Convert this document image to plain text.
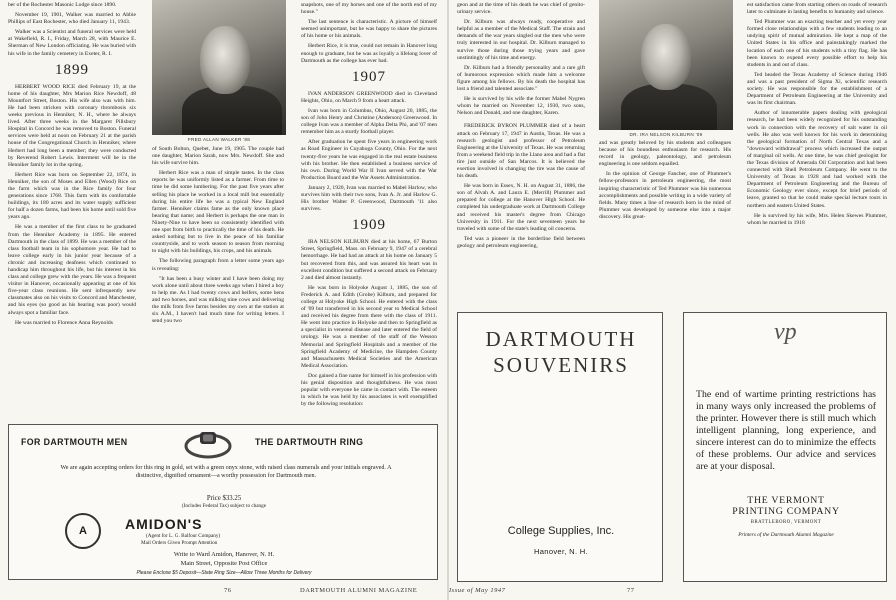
ber of the Rochester Masonic Lodge since 1890.

November 19, 1901, Walker was married to Abbie Phillips of East Rochester, who died January 11, 1943.

Walker was a Scientist and funeral services were held at Wakefield, R. I., Friday, March 28, with Maurice E. Sherman of New London officiating. He was buried with his wife in the family cemetery in Exeter, R. I.

1899

HERBERT WOOD RICE died February 19, at the home of his daughter, Mrs Marion Rice Newdoff, 48 Mountfort Street, Boston. His wife also was with him. He had been stricken with coronary thrombosis six weeks previous in Henniker, N. H., where he always lived. After three weeks in the Margaret Pillsbury Hospital in Concord he was removed to Boston. Funeral services were held at noon on February 21 at the parish house of the Congregational Church in Henniker, where Herbert had long been a member; they were conducted by Reverend Robert Lewis. Interment will be in the Henniker family lot in the spring.

Herbert Rice was born on September 22, 1874, in Henniker, the son of Moses and Ellen (Wood) Rice on the farm which was in the Rice family for four generations since 1768. This farm with its comfortable buildings, its 180 acres and its water supply sufficient for half a dozen farms, had been his home until sold five years ago.

He was a member of the first class to be graduated from the Henniker Academy in 1895. He entered Dartmouth in the class of 1899. He was a member of the class football team in his sophomore year. He had to leave college early in his junior year because of a chronic and increasing deafness which continued to handicap him throughout his life, but his interest in his class and college grew with the years. He was a frequent visitor in Hanover, occasionally appearing at one of his five-year class reunions. He sent infrequently new classmates also on his visits to Concord and Manchester, and his eyes (so good as his hearing was poor) would always spot a familiar face.

He was married to Florence Anna Reynolds

FRED ALLAN WALKER '88

of South Bolton, Quebet, June 19, 1905. The couple had one daughter, Marion Sarah, now Mrs. Newdoff. She and his wife survive him.

Herbert Rice was a man of simple tastes. In the class reports he was uniformly listed as a farmer. From time to time he did some lumbering. For the past five years after selling his place he worked in a local mill but essentially during his entire life he was a typical New England farmer. Henniker claims fame as the only known place bearing that name; and Herbert is perhaps the one man in Ninety-Nine to have been so consistently identified with one spot from birth to practically the time of his death. He asked nothing but to live in the peace of his familiar countryside, and to work season to season from morning to night with his buildings, his crops, and his animals.

The following paragraph from a letter some years ago is revealing:

"It has been a busy winter and I have been doing my work alone until about three weeks ago when I hired a boy to help me. As I had twenty cows and heifers, some hens and two horses, and was milking nine cows and delivering the milk from five farms besides my own at the station at six A.M., I haven't had much time for writing letters. I send you two

snapshots, one of my horses and one of the north end of my house."

The last sentence is characteristic. A picture of himself seemed unimportant, but he was happy to share the pictures of his home or his animals.

Herbert Rice, it is true, could not remain in Hanover long enough to graduate, but he was as loyally a lifelong lover of Dartmouth as the college has ever had.

1907

IVAN ANDERSON GREENWOOD died in Cleveland Heights, Ohio, on March 9 from a heart attack.

Ivan was born in Columbus, Ohio, August 20, 1885, the son of John Henry and Christine (Anderson) Greenwood. In college Ivan was a member of Alpha Delta Phi, and '07 men remember him as a sturdy football player.

After graduation he spent five years in engineering work as Road Engineer in Cuyahoga County, Ohio. For the next twenty-five years he was engaged in the real estate business with his brother. He then established a business service of his own. During World War II Ivan served with the War Production Board and the War Assets Administration.

January 2, 1920, Ivan was married to Mabel Harlow, who survives him with their two sons, Ivan A. Jr. and Harlow G. His brother Walter P. Greenwood, Dartmouth '11 also survives.

1909

IRA NELSON KILBURN died at his home, 67 Burton Street, Springfield, Mass. on February 9, 1947 of a cerebral hemorrhage. He had had an attack at his home on January 5 but recovered from this, and was assured his heart was in excellent condition but suffered a second attack on February 2 and died almost instantly.

He was born in Holyoke August 1, 1885, the son of Frederick A. and Edith (Grobe) Kilburn, and prepared for college at Holyoke High School. He entered with the class of '09 but transferred in his second year to Medical School and received his degree from there with the class of 1911. He went into practice in Holyoke and then to Springfield as a specialist in venereal disease and later entered the field of urology. He was a member of the staff of the Wesson Memorial and Springfield Hospitals and a member of the Springfield Academy of Medicine, the Hampden County and Massachusetts Medical Societies and the American Medical Association.

Doc gained a fine name for himself in his profession with his genial disposition and thoughtfulness. He was most popular with everyone he came in contact with. The esteem in which he was held by his associates is well exemplified by the following resolution:

FOR DARTMOUTH MEN	THE DARTMOUTH RING
We are again accepting orders for this ring in gold, set with a green onyx stone, with raised class numerals and your initials engraved. A distinctive, dignified ornament—a worthy possession for Dartmouth men.
Price $33.25
(Includes Federal Tax) subject to change
A	AMIDON'S
(Agent for L. G. Balfour Company)
Mail Orders Given Prompt Attention
Write to Ward Amidon, Hanover, N. H.
Main Street, Opposite Post Office
Please Enclose $5 Deposit—State Ring Size—Allow Three Months for Delivery
76	DARTMOUTH ALUMNI MAGAZINE

geon and at the time of his death he was chief of genito-urinary service.

Dr. Kilburn was always ready, cooperative and helpful as a member of the Medical Staff. The strain and demands of the war years singled out the men who were truly interested in our hospital. Dr. Kilburn managed to survive those during those trying years and gave unstintingly of his time and energy.

Dr. Kilburn had a friendly personality and a rare gift of humorous expression which made him a welcome figure among his fellows. By his death the hospital has lost a friend and talented associate."

He is survived by his wife the former Mabel Nygren whom he married on November 12, 1930, two sons, Nelson and Donald, and one daughter, Karen.

FREDERICK BYRON PLUMMER died of a heart attack on February 17, 1947 in Austin, Texas. He was a research geologist and professor of Petroleum Engineering at the University of Texas. He was returning from a weekend field trip in the Llano area and had a flat tire just outside of San Marcos. It is believed the exertion involved in changing the tire was the cause of his death.

He was born in Essex, N. H. on August 31, 1886, the son of Alvah A. and Laura E. (Merrill) Plummer and prepared for college at the Hanover High School. He completed his undergraduate work at Dartmouth College and received his master's degree from Chicago University in 1911. For the next seventeen years he traveled with some of the state's leading oil concerns.

Ted was a pioneer in the borderline field between geology and petroleum engineering,

DR. IRA NELSON KILBURN '09

and was greatly beloved by his students and colleagues because of his boundless enthusiasm for research. His record in geology, paleontology, and petroleum engineering is one seldom equalled.

In the opinion of George Fancher, one of Plummer's fellow-professors in petroleum engineering, the most inspiring characteristic of Ted Plummer was his numerous accomplishments and possible writing in a wide variety of fields. Many times a line of research born in the mind of Plummer was developed by someone else into a major discovery. His great-

est satisfaction came from starting others on roads of research later to culminate in lasting benefits to humanity and science.

Ted Plummer was an exacting teacher and yet every year formed close relationships with a few students leading to an undying spirit of mutual admiration. He kept a map of the United States in his office and painstakingly marked the location of each one of his students with a tiny flag. He has been known to expend every possible effort to help his students in and out of class.

Ted headed the Texas Academy of Science during 1946 and was a past president of Sigma Xi, scientific research society. He was responsible for the establishment of a Department of Petroleum Engineering at the University and was its first chairman.

Author of innumerable papers dealing with geological research, he had been widely recognized for his outstanding work in connection with the recovery of salt water in oil wells. He also was well known for his work in determining the geological formation of North Central Texas and a "downward withdrawal" process which increased the output of marginal oil wells. At one time, he was chief geologist for the Texas division of Amerada Oil Corporation and had been connected with Shell Petroleum Company. He went to the University of Texas in 1928 and had worked with the Department of Petroleum Engineering and the Bureau of Economic Geology ever since, except for brief periods of leave, granted so that he could make special lecture tours in northern and eastern United States.

He is survived by his wife, Mrs. Helen Skewes Plummer, whom he married in 1918

DARTMOUTH
SOUVENIRS
College Supplies, Inc.
Hanover, N. H.
vp
The end of wartime printing restrictions has in many ways only increased the problems of the printer. However there is still much which intelligent planning, long experience, and sincere interest can do to minimize the effects of these problems. Our advice and services are at your disposal.
THE VERMONT
PRINTING COMPANY
BRATTLEBORO, VERMONT
Printers of the Dartmouth Alumni Magazine
Issue of May 1947	77
